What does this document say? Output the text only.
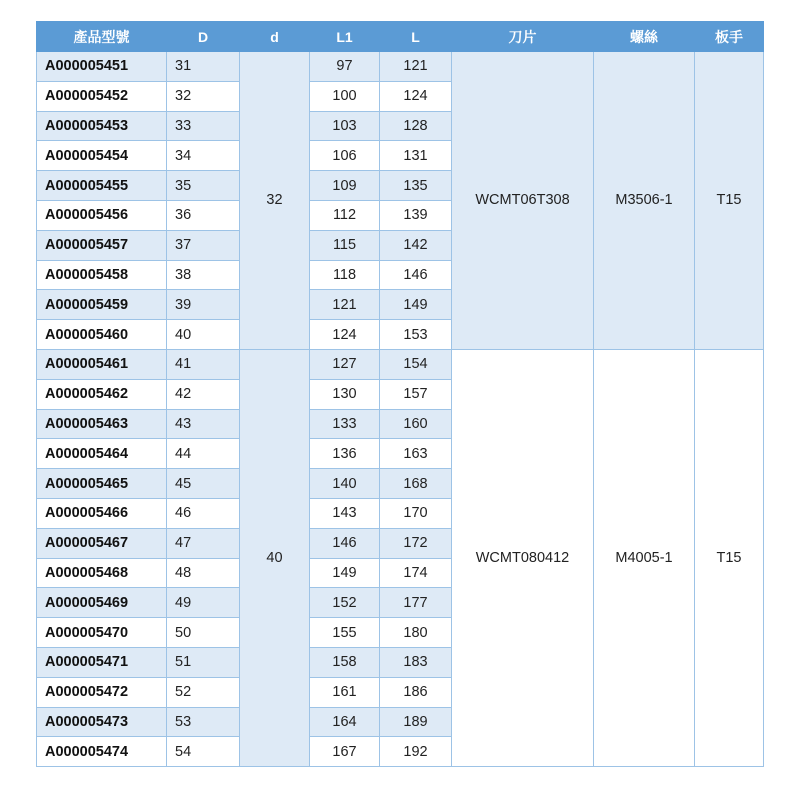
產品型號	D	d	L1	L	刀片	螺絲	板手
A000005451	31	32	97	121	WCMT06T308	M3506-1	T15
A000005452	32		100	124			
A000005453	33		103	128			
A000005454	34		106	131			
A000005455	35		109	135			
A000005456	36		112	139			
A000005457	37		115	142			
A000005458	38		118	146			
A000005459	39		121	149			
A000005460	40		124	153			
A000005461	41	40	127	154	WCMT080412	M4005-1	T15
A000005462	42		130	157			
A000005463	43		133	160			
A000005464	44		136	163			
A000005465	45		140	168			
A000005466	46		143	170			
A000005467	47		146	172			
A000005468	48		149	174			
A000005469	49		152	177			
A000005470	50		155	180			
A000005471	51		158	183			
A000005472	52		161	186			
A000005473	53		164	189			
A000005474	54		167	192			
